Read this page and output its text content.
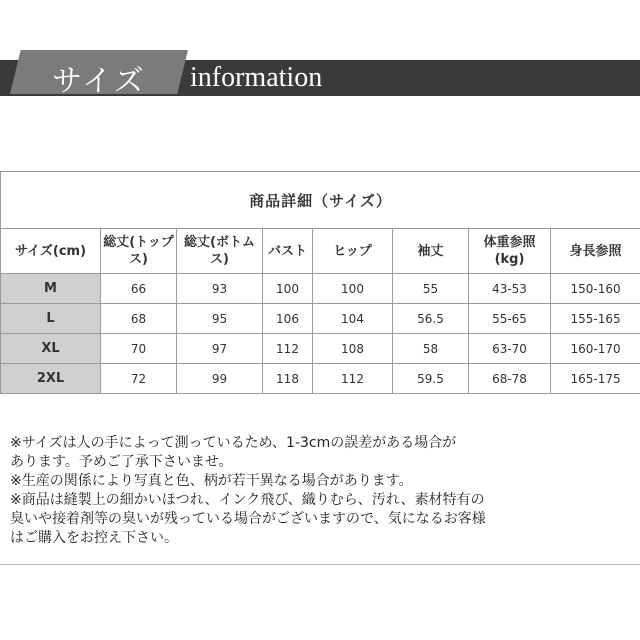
サイズ information
商品詳細（サイズ）							
サイズ(cm)	総丈(トップス)	総丈(ボトムス)	バスト	ヒップ	袖丈	体重参照(kg)	身長参照
M	66	93	100	100	55	43-53	150-160
L	68	95	106	104	56.5	55-65	155-165
XL	70	97	112	108	58	63-70	160-170
2XL	72	99	118	112	59.5	68-78	165-175

※サイズは人の手によって測っているため、1-3cmの誤差がある場合が

あります。予めご了承下さいませ。

※生産の関係により写真と色、柄が若干異なる場合があります。

※商品は縫製上の細かいほつれ、インク飛び、織りむら、汚れ、素材特有の

臭いや接着剤等の臭いが残っている場合がございますので、気になるお客様

はご購入をお控え下さい。
